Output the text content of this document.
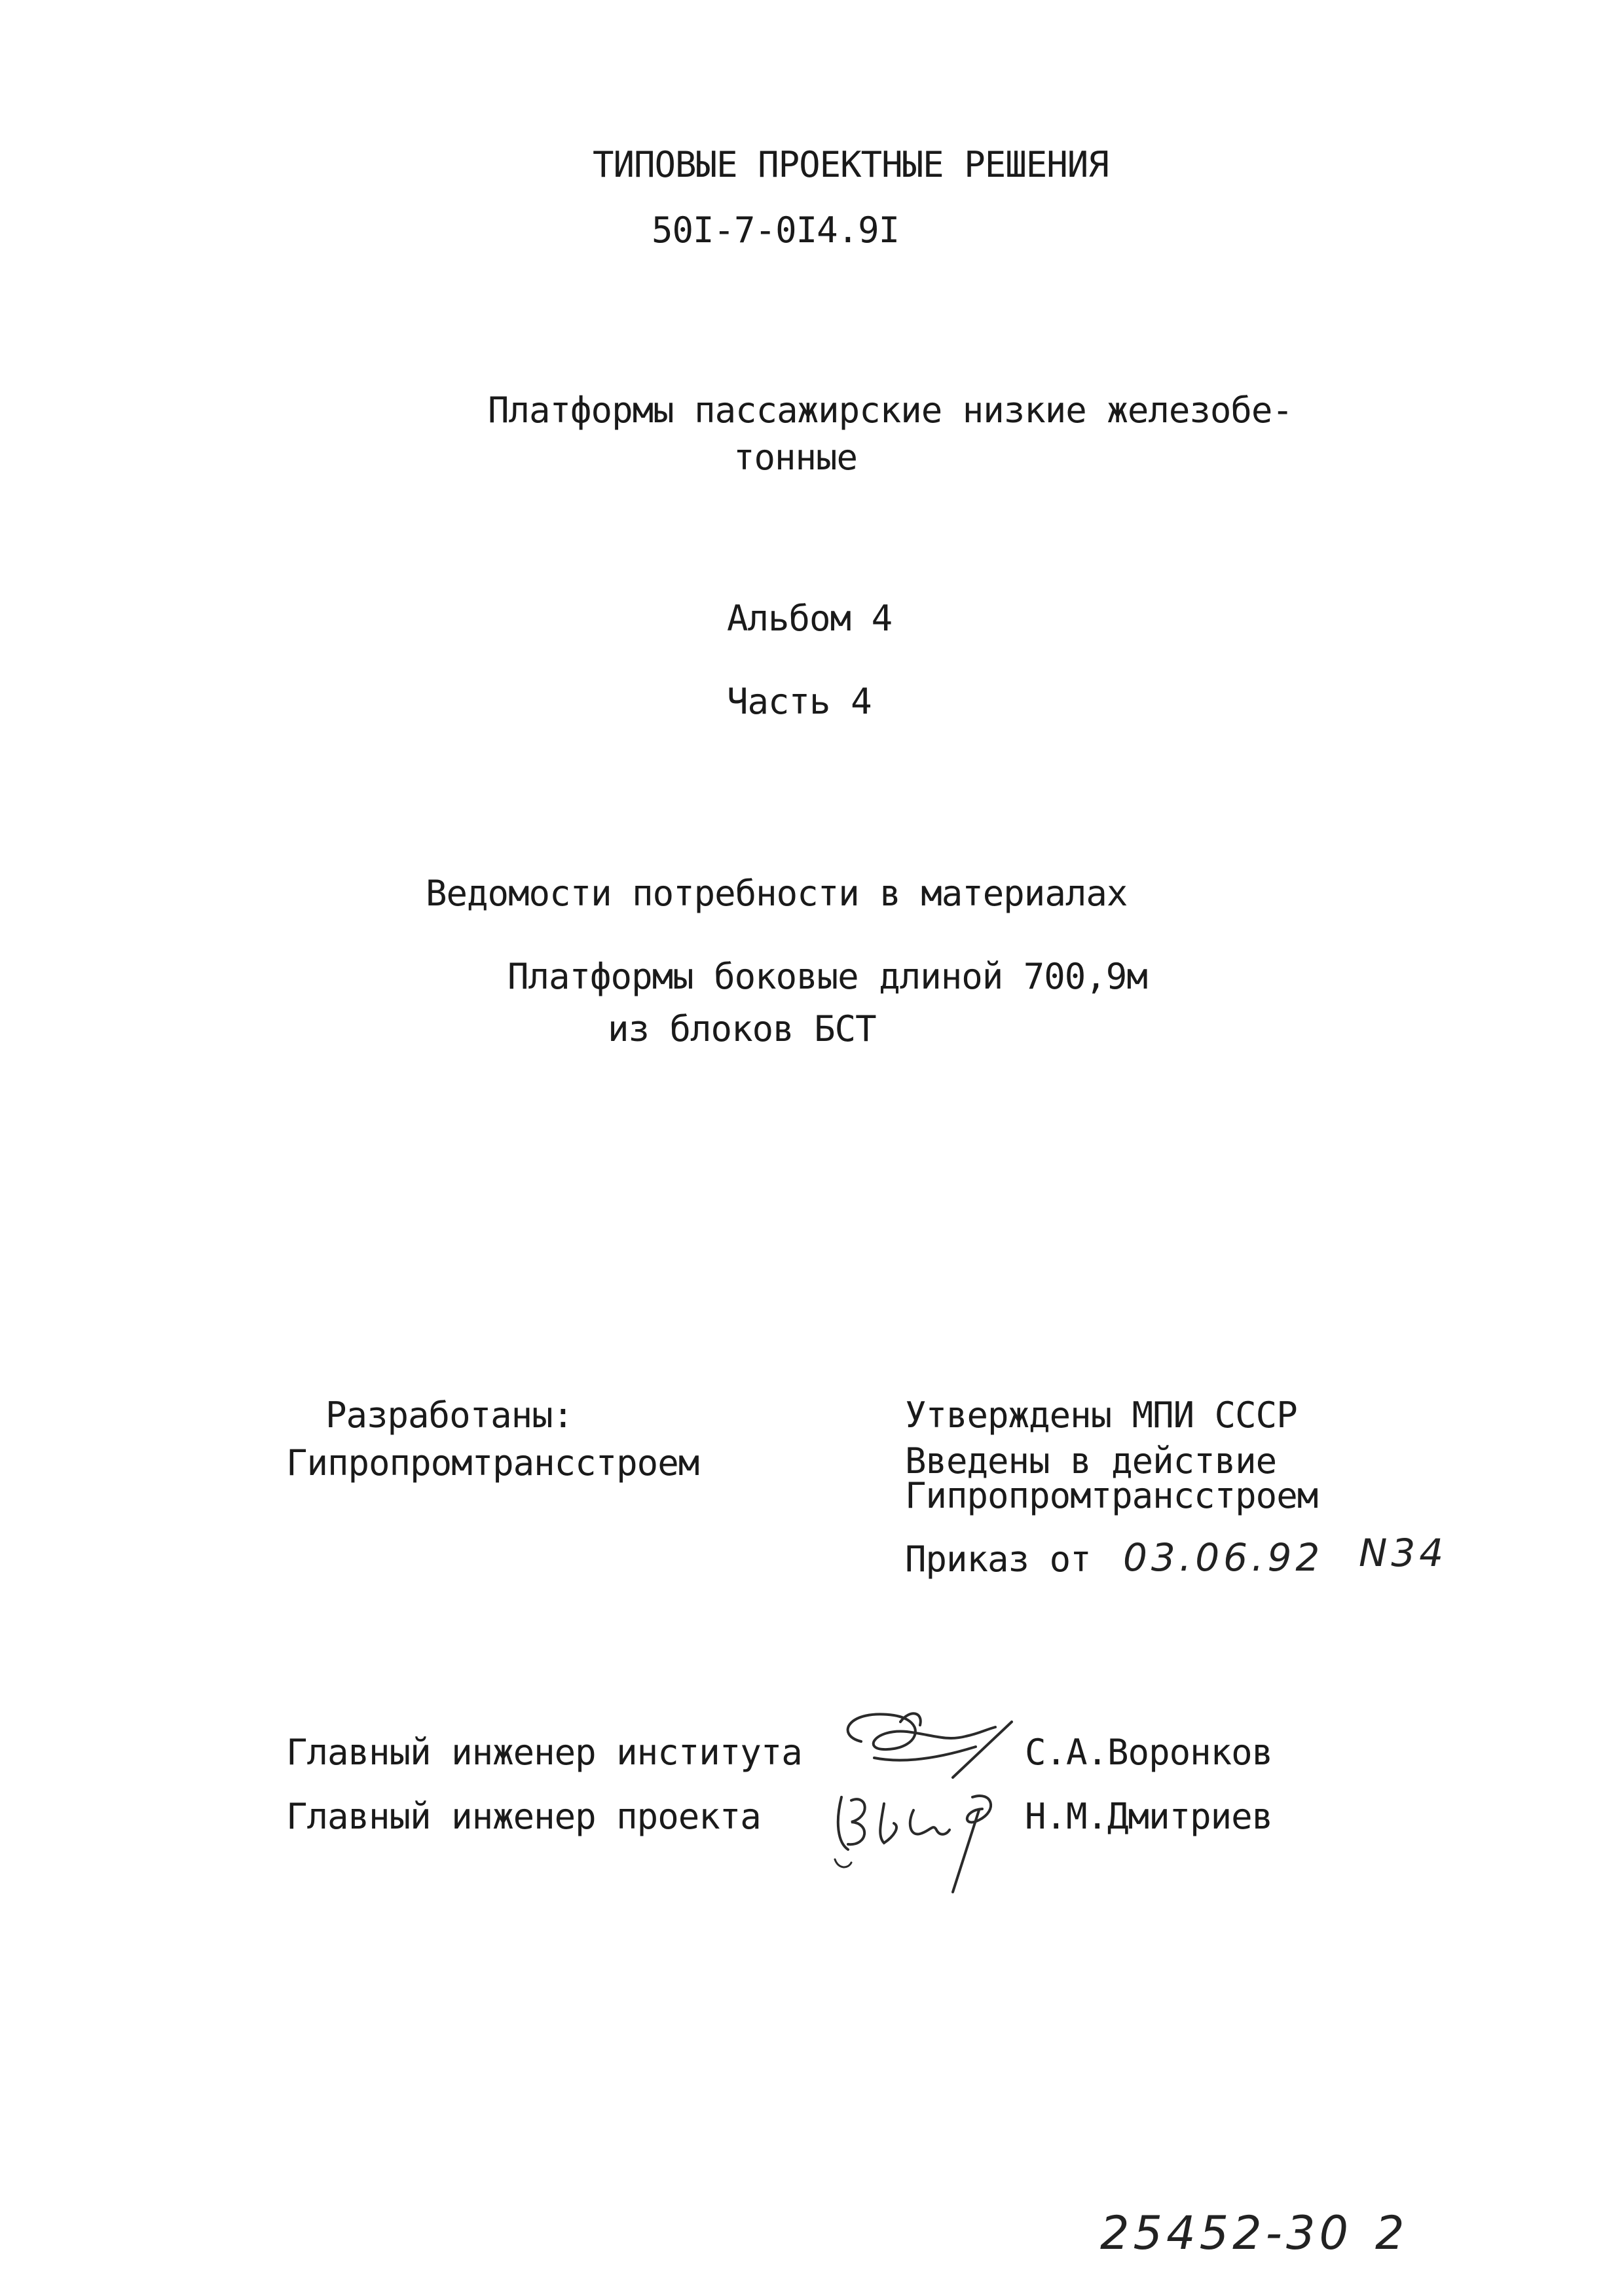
ТИПОВЫЕ ПРОЕКТНЫЕ РЕШЕНИЯ
50I-7-0I4.9I
Платформы пассажирские низкие железобе-
тонные
Альбом 4
Часть 4
Ведомости потребности в материалах
Платформы боковые длиной 700,9м
из блоков БСТ
Разработаны:
Гипропромтрансстроем
Утверждены МПИ СССР
Введены в действие
Гипропромтрансстроем
Приказ от 03.06.92 N34
Главный инженер института	С.А.Воронков
Главный инженер проекта	Н.М.Дмитриев
25452-30 2
